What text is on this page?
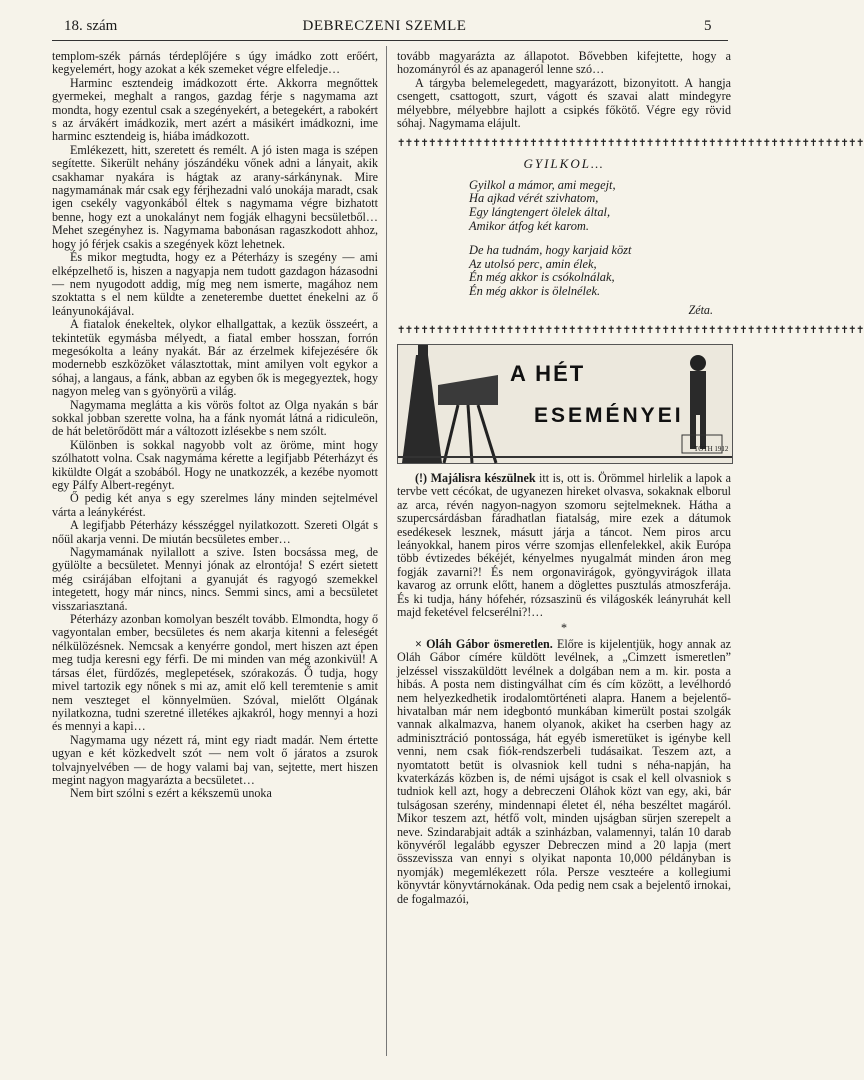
18. szám	DEBRECZENI SZEMLE	5

templom-szék párnás térdeplőjére s úgy imádko zott erőért, kegyelemért, hogy azokat a kék szemeket végre elfeledje…

Harminc esztendeig imádkozott érte. Akkorra megnőttek gyermekei, meghalt a rangos, gazdag férje s nagymama azt mondta, hogy ezentul csak a szegényekért, a betegekért, a rabokért s az árvákért imádkozik, mert azért a másikért imádkozni, ime harminc esztendeig is, hiába imádkozott.

Emlékezett, hitt, szeretett és remélt. A jó isten maga is szépen segítette. Sikerült nehány jószándéku vőnek adni a lányait, akik csakhamar nyakára is hágtak az arany-sárkánynak. Mire nagymamának már csak egy férjhezadni való unokája maradt, csak igen csekély vagyonkából éltek s nagymama végre bizhatott benne, hogy ezt a unokalányt nem fogják elhagyni becsületből… Mehet szegényhez is. Nagymama babonásan ragaszkodott ahhoz, hogy jó férjek csakis a szegények közt lehetnek.

És mikor megtudta, hogy ez a Péterházy is szegény — ami elképzelhető is, hiszen a nagyapja nem tudott gazdagon házasodni — nem nyugodott addig, míg meg nem ismerte, magához nem szoktatta s el nem küldte a zeneterembe duettet énekelni az ő leányunokájával.

A fiatalok énekeltek, olykor elhallgattak, a kezük összeért, a tekintetük egymásba mélyedt, a fiatal ember hosszan, forrón megesókolta a leány nyakát. Bár az érzelmek kifejezésére ők modernebb eszközöket választottak, mint amilyen volt egykor a sóhaj, a langaus, a fánk, abban az egyben ők is megegyeztek, hogy nagyon meleg van s gyönyörü a világ.

Nagymama meglátta a kis vörös foltot az Olga nyakán s bár sokkal jobban szerette volna, ha a fánk nyomát látná a ridiculeön, de hát beletörődött már a változott izlésekbe s nem szólt.

Különben is sokkal nagyobb volt az öröme, mint hogy szólhatott volna. Csak nagymáma kérette a legifjabb Péterházyt és kiküldte Olgát a szobából. Hogy ne unatkozzék, a kezébe nyomott egy Pálfy Albert-regényt.

Ő pedig két anya s egy szerelmes lány minden sejtelmével várta a leánykérést.

A legifjabb Péterházy késszéggel nyilatkozott. Szereti Olgát s nőül akarja venni. De miután becsületes ember…

Nagymamának nyilallott a szive. Isten bocsássa meg, de gyülölte a becsületet. Mennyi jónak az elrontója! S ezért sietett még csirájában elfojtani a gyanuját és ragyogó szemekkel integetett, hogy már nincs, nincs. Semmi sincs, ami a becsületet visszariasztaná.

Péterházy azonban komolyan beszélt tovább. Elmondta, hogy ő vagyontalan ember, becsületes és nem akarja kitenni a feleségét nélkülözésnek. Nemcsak a kenyérre gondol, mert hiszen azt épen meg tudja keresni egy férfi. De mi minden van még azonkivül! A társas élet, fürdőzés, meglepetések, szórakozás. Ő tudja, hogy mivel tartozik egy nőnek s mi az, amit elő kell teremtenie s amit nem veszteget el könnyelmüen. Szóval, mielőtt Olgának nyilatkozna, tudni szeretné illetékes ajkakról, hogy mennyi a hozi és mennyi a kapi…

Nagymama ugy nézett rá, mint egy riadt madár. Nem értette ugyan e két közkedvelt szót — nem volt ő járatos a zsurok tolvajnyelvében — de hogy valami baj van, sejtette, mert hiszen megint nagyon magyarázta a becsületet…

Nem birt szólni s ezért a kékszemü unoka

tovább magyarázta az állapotot. Bővebben kifejtette, hogy a hozományról és az apanageról lenne szó…

A tárgyba belemelegedett, magyarázott, bizonyitott. A hangja csengett, csattogott, szurt, vágott és szavai alatt mindegyre mélyebbre, mélyebbre hajlott a csipkés főkötő. Végre egy rövid sóhaj. Nagymama elájult.

✝✝✝✝✝✝✝✝✝✝✝✝✝✝✝✝✝✝✝✝✝✝✝✝✝✝✝✝✝✝✝✝✝✝✝✝✝✝✝✝✝✝✝✝✝✝✝✝✝✝✝✝✝✝✝✝✝✝✝✝
GYILKOL…
Gyilkol a mámor, ami megejt,
Ha ajkad vérét szivhatom,
Egy lángtengert ölelek által,
Amikor átfog két karom.
De ha tudnám, hogy karjaid közt
Az utolsó perc, amin élek,
Én még akkor is csókolnálak,
Én még akkor is ölelnélek.
Zéta.
✝✝✝✝✝✝✝✝✝✝✝✝✝✝✝✝✝✝✝✝✝✝✝✝✝✝✝✝✝✝✝✝✝✝✝✝✝✝✝✝✝✝✝✝✝✝✝✝✝✝✝✝✝✝✝✝✝✝✝✝
A HÉT
ESEMÉNYEI
TÓTH 1912

(!) Majálisra készülnek itt is, ott is. Örömmel hirlelik a lapok a tervbe vett cécókat, de ugyanezen hireket olvasva, sokaknak elborul az arca, révén nagyon-nagyon szomoru sejtelmeknek. Hátha a szupercsárdásban fáradhatlan fiatalság, mire ezek a dátumok esedékesek lesznek, másutt járja a táncot. Nem piros arcu leányokkal, hanem piros vérre szomjas ellenfelekkel, akik Európa több évtizedes békéjét, kényelmes nyugalmát minden áron meg fogják zavarni?! És nem orgonavirágok, gyöngyvirágok illata kavarog az orrunk előtt, hanem a döglettes pusztulás atmoszferája. És ki tudja, hány hófehér, rózsaszinü és világoskék leányruhát kell majd feketével felcserélni?!…

*

× Oláh Gábor ösmeretlen. Előre is kijelentjük, hogy annak az Oláh Gábor címére küldött levélnek, a „Cimzett ismeretlen” jelzéssel visszaküldött levélnek a dolgában nem a m. kir. posta a hibás. A posta nem distingválhat cím és cím között, a levélhordó nem helyezkedhetik irodalomtörténeti alapra. Hanem a bejelentő-hivatalban már nem idegbontó munkában kimerült postai szolgák vannak alkalmazva, hanem olyanok, akiket ha cserben hagy az adminisztráció pontossága, hát egyéb ismeretüket is igénybe kell venni, nem csak fiók-rendszerbeli tudásaikat. Teszem azt, a nyomtatott betüt is olvasniok kell tudni s néha-napján, ha kvaterkázás közben is, de némi ujságot is csak el kell olvasniok s tudniok kell azt, hogy a debreczeni Oláhok közt van egy, aki, bár tulságosan szerény, mindennapi életet él, néha beszéltet magáról. Mikor teszem azt, hétfő volt, minden ujságban sürjen szerepelt a neve. Szindarabjait adták a szinházban, valamennyi, talán 10 darab könyvéről legalább egyszer Debreczen mind a 20 lapja (mert összevissza van ennyi s olyikat naponta 10,000 példányban is nyomják) megemlékezett róla. Persze veszteére a kollegiumi könyvtár könyvtárnokának. Oda pedig nem csak a bejelentő irnokai, de fogalmazói,
